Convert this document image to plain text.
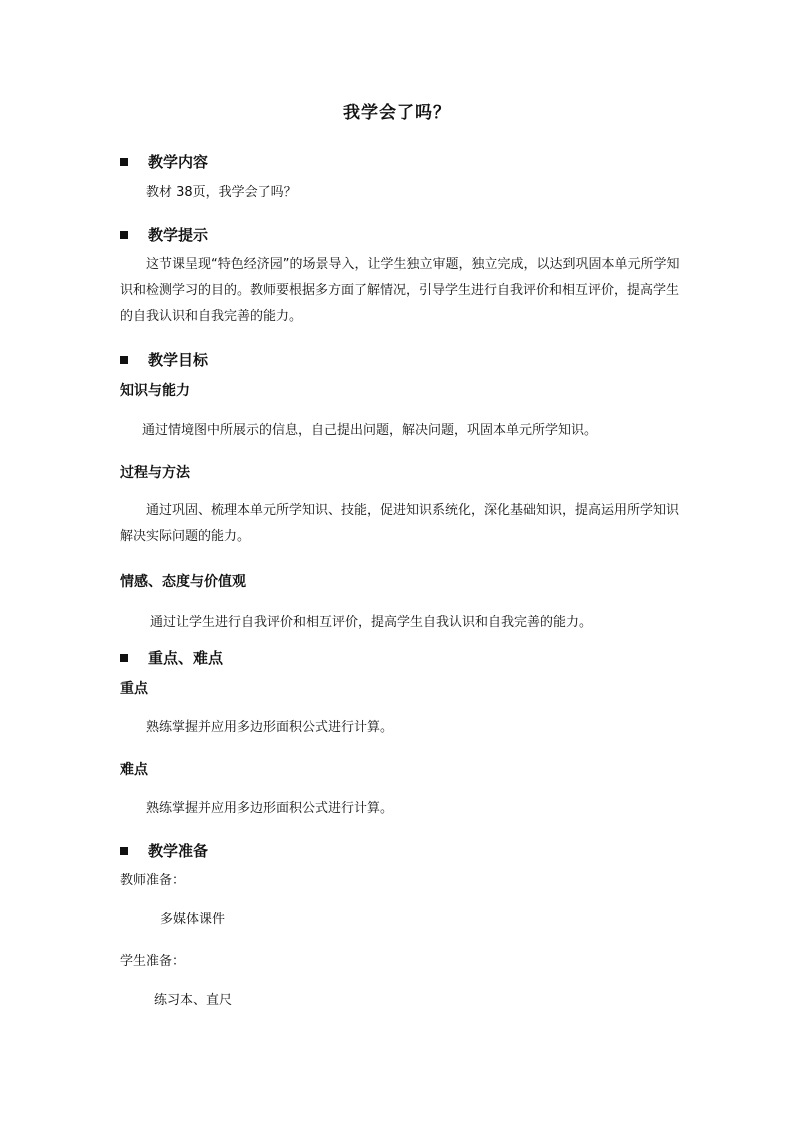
我学会了吗？
教学内容
教材 38页，我学会了吗？
教学提示
这节课呈现“特色经济园”的场景导入，让学生独立审题，独立完成，以达到巩固本单元所学知识和检测学习的目的。教师要根据多方面了解情况，引导学生进行自我评价和相互评价，提高学生的自我认识和自我完善的能力。
教学目标
知识与能力
通过情境图中所展示的信息，自己提出问题，解决问题，巩固本单元所学知识。
过程与方法
通过巩固、梳理本单元所学知识、技能，促进知识系统化，深化基础知识，提高运用所学知识解决实际问题的能力。
情感、态度与价值观
通过让学生进行自我评价和相互评价，提高学生自我认识和自我完善的能力。
重点、难点
重点
熟练掌握并应用多边形面积公式进行计算。
难点
熟练掌握并应用多边形面积公式进行计算。
教学准备
教师准备：
多媒体课件
学生准备：
练习本、直尺
